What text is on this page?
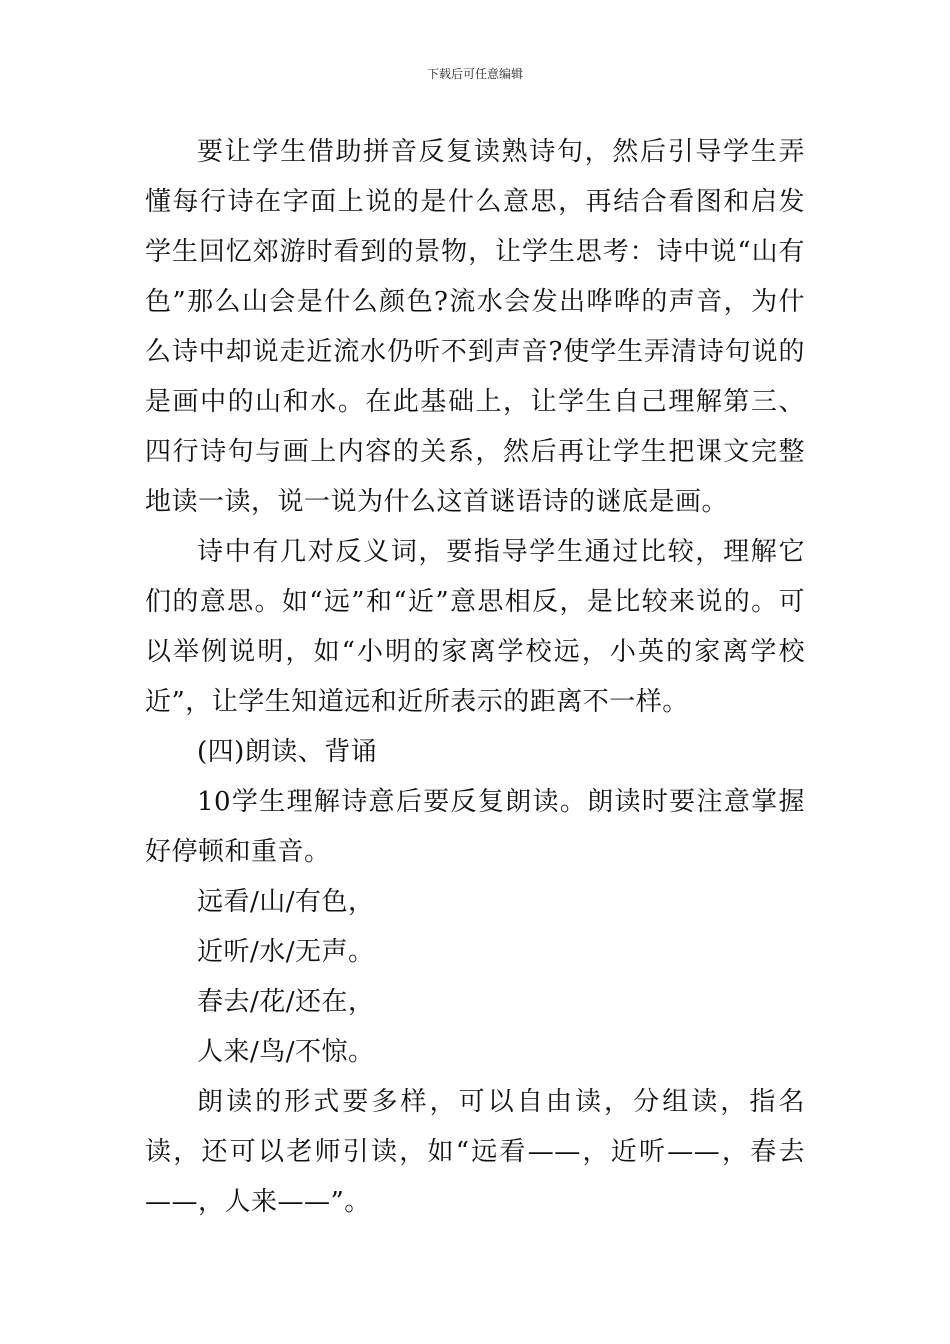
下载后可任意编辑

要让学生借助拼音反复读熟诗句，然后引导学生弄懂每行诗在字面上说的是什么意思，再结合看图和启发学生回忆郊游时看到的景物，让学生思考：诗中说“山有色”那么山会是什么颜色?流水会发出哗哗的声音，为什么诗中却说走近流水仍听不到声音?使学生弄清诗句说的是画中的山和水。在此基础上，让学生自己理解第三、四行诗句与画上内容的关系，然后再让学生把课文完整地读一读，说一说为什么这首谜语诗的谜底是画。

诗中有几对反义词，要指导学生通过比较，理解它们的意思。如“远”和“近”意思相反，是比较来说的。可以举例说明，如“小明的家离学校远，小英的家离学校近”，让学生知道远和近所表示的距离不一样。

(四)朗读、背诵

10学生理解诗意后要反复朗读。朗读时要注意掌握好停顿和重音。

远看/山/有色，

近听/水/无声。

春去/花/还在，

人来/鸟/不惊。

朗读的形式要多样，可以自由读，分组读，指名读，还可以老师引读，如“远看——，近听——，春去——，人来——”。
